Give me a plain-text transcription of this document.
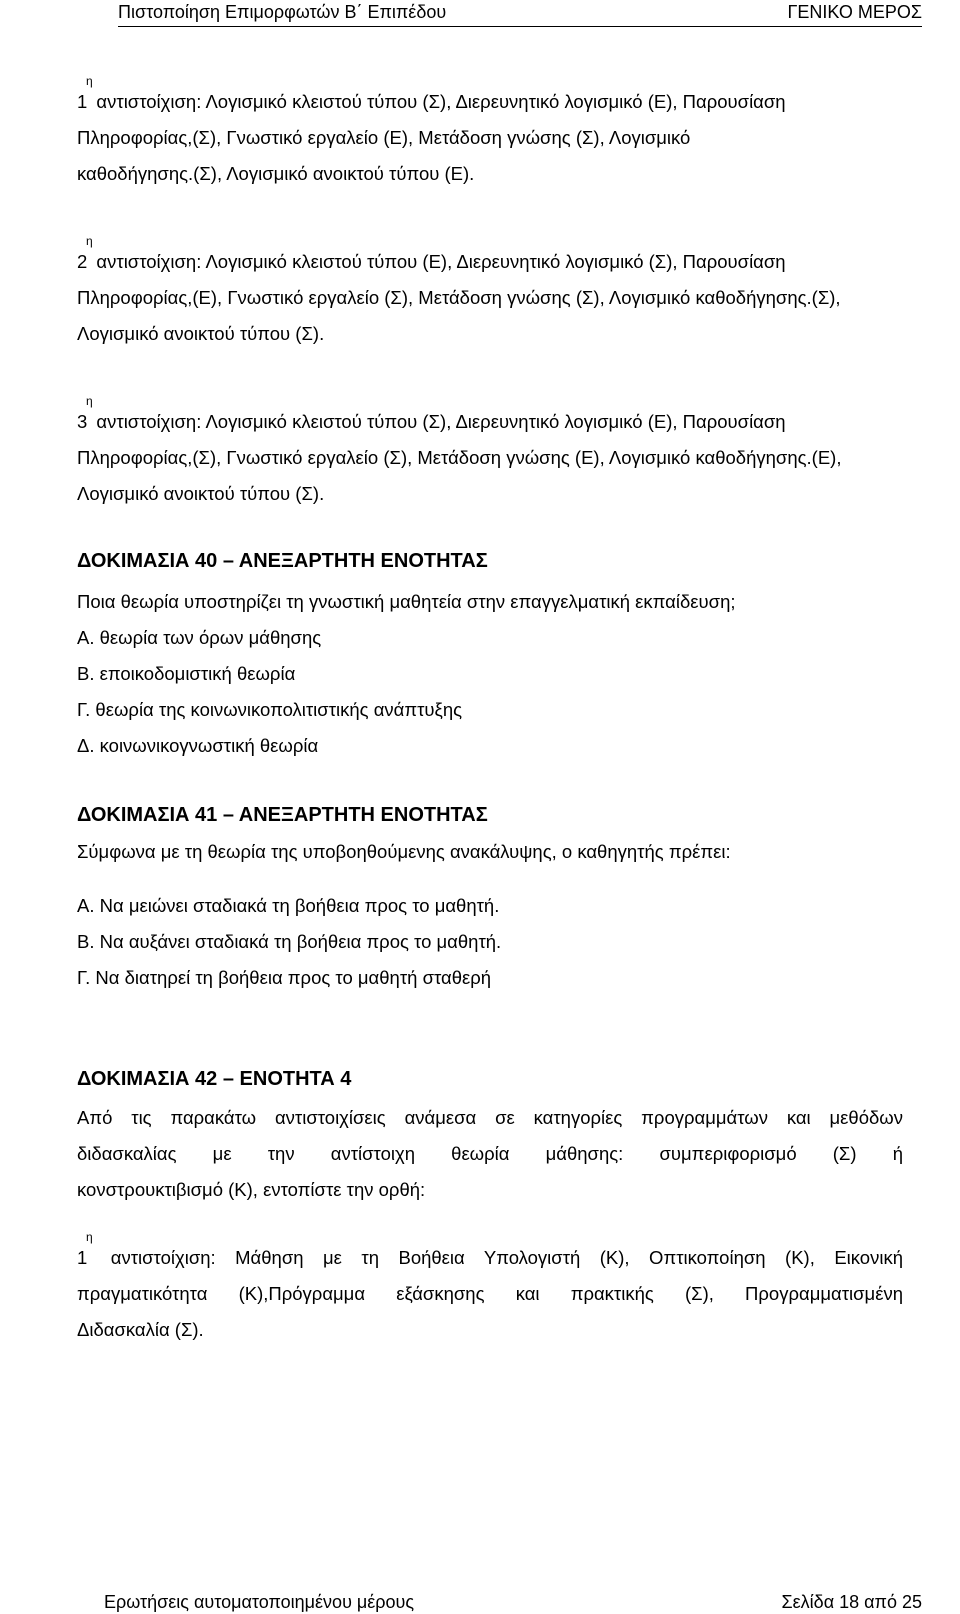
Πιστοποίηση Επιμορφωτών Β΄ Επιπέδου	ΓΕΝΙΚΟ ΜΕΡΟΣ

1
η
αντιστοίχιση: Λογισμικό κλειστού τύπου (Σ), Διερευνητικό λογισμικό (Ε), Παρουσίαση

Πληροφορίας,(Σ), Γνωστικό εργαλείο (Ε), Μετάδοση γνώσης (Σ), Λογισμικό

καθοδήγησης.(Σ), Λογισμικό ανοικτού τύπου (Ε).

2
η
αντιστοίχιση: Λογισμικό κλειστού τύπου (Ε), Διερευνητικό λογισμικό (Σ), Παρουσίαση

Πληροφορίας,(Ε), Γνωστικό εργαλείο (Σ), Μετάδοση γνώσης (Σ), Λογισμικό καθοδήγησης.(Σ),

Λογισμικό ανοικτού τύπου (Σ).

3
η
αντιστοίχιση: Λογισμικό κλειστού τύπου (Σ), Διερευνητικό λογισμικό (Ε), Παρουσίαση

Πληροφορίας,(Σ), Γνωστικό εργαλείο (Σ), Μετάδοση γνώσης (Ε), Λογισμικό καθοδήγησης.(Ε),

Λογισμικό ανοικτού τύπου (Σ).

ΔΟΚΙΜΑΣΙΑ 40 – ΑΝΕΞΑΡΤΗΤΗ ΕΝΟΤΗΤΑΣ

Ποια θεωρία υποστηρίζει τη γνωστική μαθητεία στην επαγγελματική εκπαίδευση;

Α. θεωρία των όρων μάθησης

Β. εποικοδομιστική θεωρία

Γ. θεωρία της κοινωνικοπολιτιστικής ανάπτυξης

Δ. κοινωνικογνωστική θεωρία

ΔΟΚΙΜΑΣΙΑ 41 – ΑΝΕΞΑΡΤΗΤΗ ΕΝΟΤΗΤΑΣ

Σύμφωνα με τη θεωρία της υποβοηθούμενης ανακάλυψης, ο καθηγητής πρέπει:

Α. Να μειώνει σταδιακά τη βοήθεια προς το μαθητή.

Β. Να αυξάνει σταδιακά τη βοήθεια προς το μαθητή.

Γ. Να διατηρεί τη βοήθεια προς το μαθητή σταθερή

ΔΟΚΙΜΑΣΙΑ 42 – ΕΝΟΤΗΤΑ 4

Από τις παρακάτω αντιστοιχίσεις ανάμεσα σε κατηγορίες προγραμμάτων και μεθόδων

διδασκαλίας με την αντίστοιχη θεωρία μάθησης: συμπεριφορισμό (Σ) ή

κονστρουκτιβισμό (Κ), εντοπίστε την ορθή:

1
η
αντιστοίχιση: Μάθηση με τη Βοήθεια Υπολογιστή (Κ), Οπτικοποίηση (Κ), Εικονική

πραγματικότητα (Κ),Πρόγραμμα εξάσκησης και πρακτικής (Σ), Προγραμματισμένη

Διδασκαλία (Σ).

Ερωτήσεις αυτοματοποιημένου μέρους	Σελίδα 18 από 25
